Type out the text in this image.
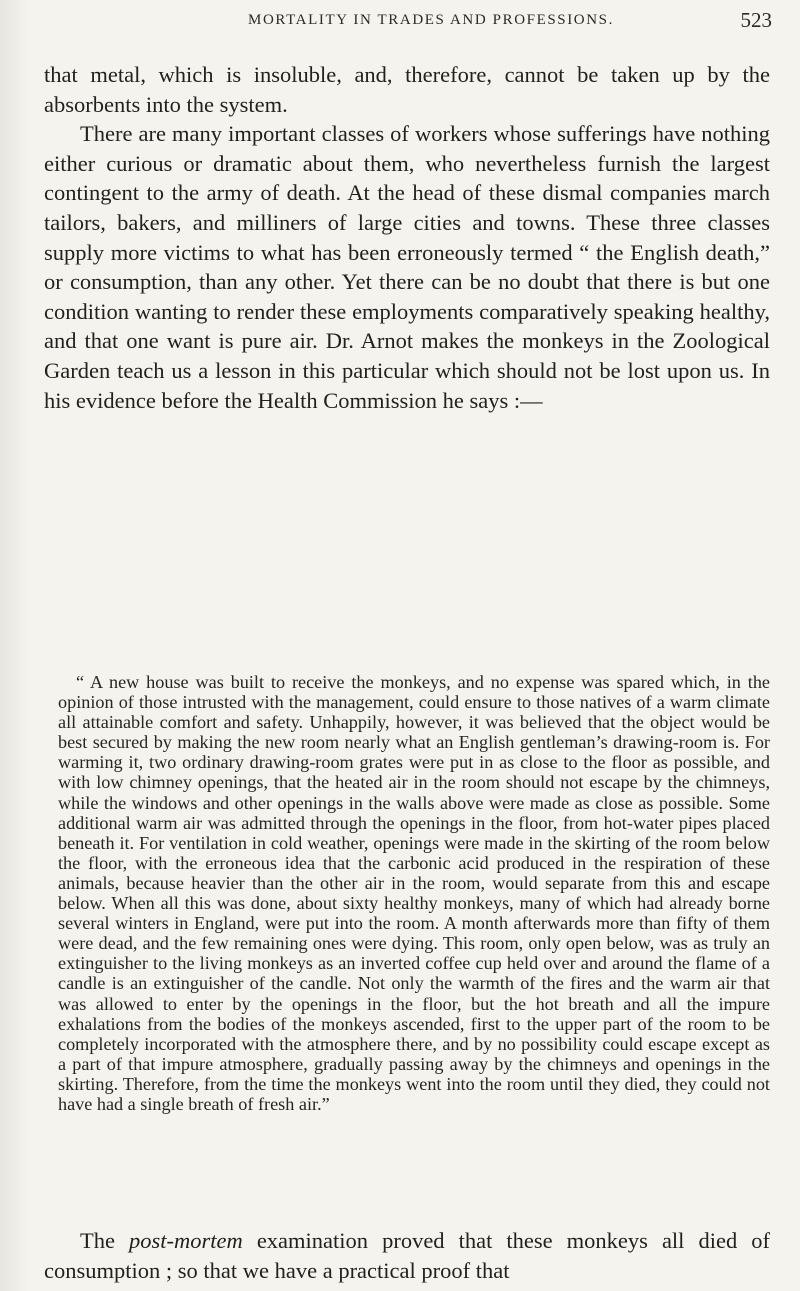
MORTALITY IN TRADES AND PROFESSIONS.	523

that metal, which is insoluble, and, therefore, cannot be taken up by the absorbents into the system.

There are many important classes of workers whose sufferings have nothing either curious or dramatic about them, who nevertheless furnish the largest contingent to the army of death. At the head of these dismal companies march tailors, bakers, and milliners of large cities and towns. These three classes supply more victims to what has been erroneously termed “ the English death,” or consumption, than any other. Yet there can be no doubt that there is but one condition wanting to render these employments comparatively speaking healthy, and that one want is pure air. Dr. Arnot makes the monkeys in the Zoological Garden teach us a lesson in this particular which should not be lost upon us. In his evidence before the Health Commission he says :—

“ A new house was built to receive the monkeys, and no expense was spared which, in the opinion of those intrusted with the management, could ensure to those natives of a warm climate all attainable comfort and safety. Unhappily, however, it was believed that the object would be best secured by making the new room nearly what an English gentleman’s drawing-room is. For warming it, two ordinary drawing-room grates were put in as close to the floor as possible, and with low chimney openings, that the heated air in the room should not escape by the chimneys, while the windows and other openings in the walls above were made as close as possible. Some additional warm air was admitted through the openings in the floor, from hot-water pipes placed beneath it. For ventilation in cold weather, openings were made in the skirting of the room below the floor, with the erroneous idea that the carbonic acid produced in the respiration of these animals, because heavier than the other air in the room, would separate from this and escape below. When all this was done, about sixty healthy monkeys, many of which had already borne several winters in England, were put into the room. A month afterwards more than fifty of them were dead, and the few remaining ones were dying. This room, only open below, was as truly an extinguisher to the living monkeys as an inverted coffee cup held over and around the flame of a candle is an extinguisher of the candle. Not only the warmth of the fires and the warm air that was allowed to enter by the openings in the floor, but the hot breath and all the impure exhalations from the bodies of the monkeys ascended, first to the upper part of the room to be completely incorporated with the atmosphere there, and by no possibility could escape except as a part of that impure atmosphere, gradually passing away by the chimneys and openings in the skirting. Therefore, from the time the monkeys went into the room until they died, they could not have had a single breath of fresh air.”

The post-mortem examination proved that these monkeys all died of consumption ; so that we have a practical proof that
